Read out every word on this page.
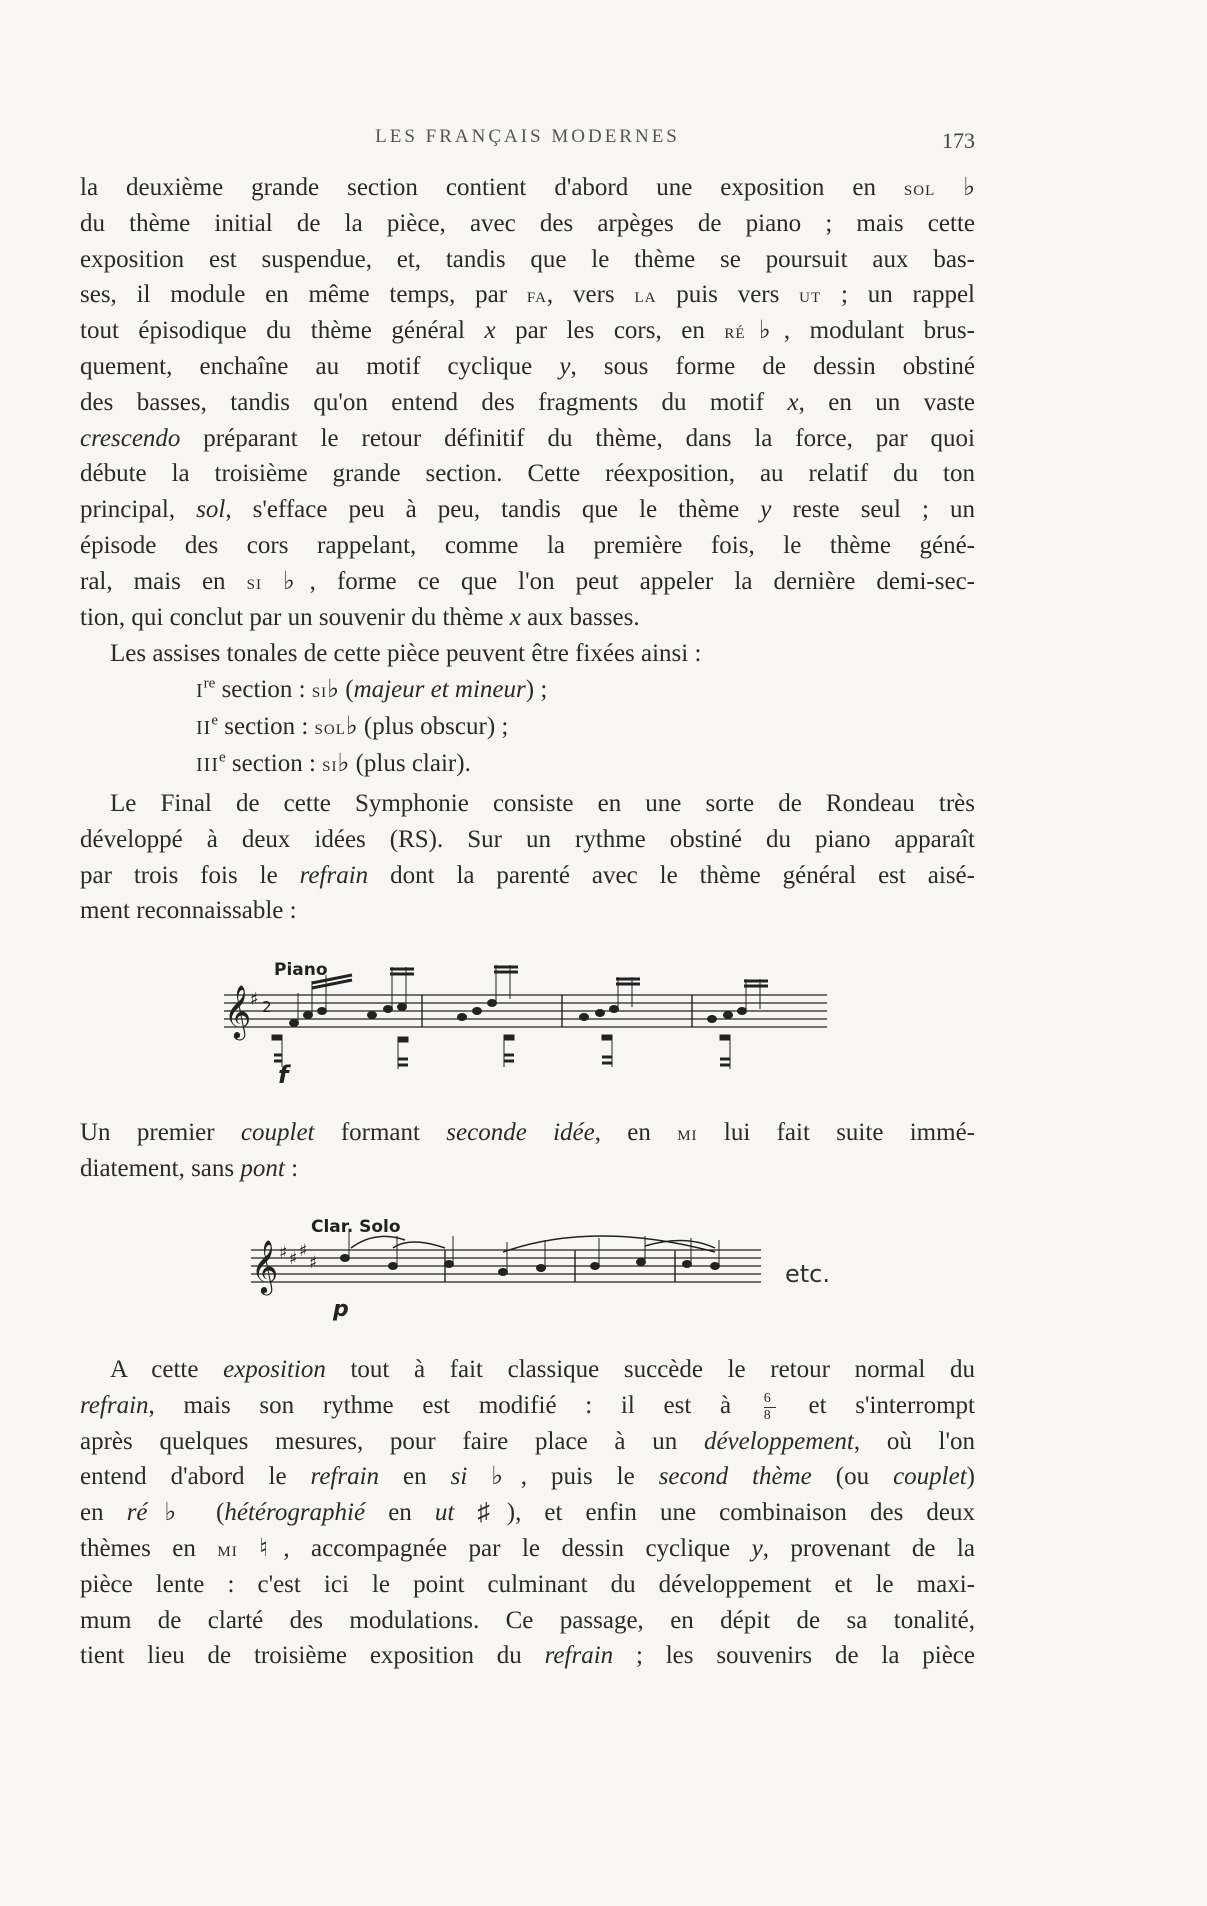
LES FRANÇAIS MODERNES	173
la deuxième grande section contient d'abord une exposition en sol ♭
du thème initial de la pièce, avec des arpèges de piano ; mais cette
exposition est suspendue, et, tandis que le thème se poursuit aux bas-
ses, il module en même temps, par fa, vers la puis vers ut ; un rappel
tout épisodique du thème général x par les cors, en ré♭, modulant brus-
quement, enchaîne au motif cyclique y, sous forme de dessin obstiné
des basses, tandis qu'on entend des fragments du motif x, en un vaste
crescendo préparant le retour définitif du thème, dans la force, par quoi
débute la troisième grande section. Cette réexposition, au relatif du ton
principal, sol, s'efface peu à peu, tandis que le thème y reste seul ; un
épisode des cors rappelant, comme la première fois, le thème géné-
ral, mais en si ♭, forme ce que l'on peut appeler la dernière demi-sec-
tion, qui conclut par un souvenir du thème x aux basses.
Les assises tonales de cette pièce peuvent être fixées ainsi :
Ire section : si♭ (majeur et mineur) ;
IIe section : sol♭ (plus obscur) ;
IIIe section : si♭ (plus clair).
Le Final de cette Symphonie consiste en une sorte de Rondeau très
développé à deux idées (RS). Sur un rythme obstiné du piano apparaît
par trois fois le refrain dont la parenté avec le thème général est aisé-
ment reconnaissable :
Piano
𝄞
♯ 2
f
Un premier couplet formant seconde idée, en mi lui fait suite immé-
diatement, sans pont :
Clar. Solo
𝄞 ♯ ♯ ♯
♯
p
etc.
A cette exposition tout à fait classique succède le retour normal du
refrain, mais son rythme est modifié : il est à $\frac{6}{8}$ et s'interrompt
après quelques mesures, pour faire place à un développement, où l'on
entend d'abord le refrain en si ♭, puis le second thème (ou couplet)
en ré♭ (hétérographié en ut ♯), et enfin une combinaison des deux
thèmes en mi ♮, accompagnée par le dessin cyclique y, provenant de la
pièce lente : c'est ici le point culminant du développement et le maxi-
mum de clarté des modulations. Ce passage, en dépit de sa tonalité,
tient lieu de troisième exposition du refrain ; les souvenirs de la pièce
